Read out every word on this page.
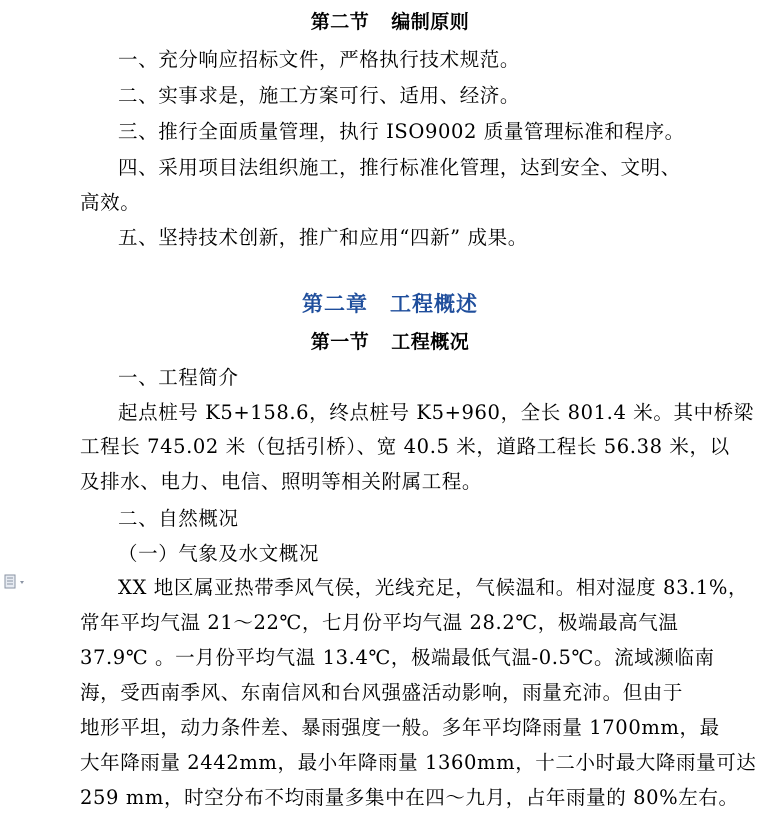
第二节 编制原则
一、充分响应招标文件，严格执行技术规范。
二、实事求是，施工方案可行、适用、经济。
三、推行全面质量管理，执行 ISO9002 质量管理标准和程序。
四、采用项目法组织施工，推行标准化管理，达到安全、文明、
高效。
五、坚持技术创新，推广和应用“四新” 成果。
第二章 工程概述
第一节 工程概况
一、工程简介
起点桩号 K5+158.6，终点桩号 K5+960，全长 801.4 米。其中桥梁
工程长 745.02 米（包括引桥）、宽 40.5 米，道路工程长 56.38 米，以
及排水、电力、电信、照明等相关附属工程。
二、自然概况
（一）气象及水文概况
XX 地区属亚热带季风气侯，光线充足，气候温和。相对湿度 83.1%，
常年平均气温 21～22℃，七月份平均气温 28.2℃，极端最高气温
37.9℃ 。一月份平均气温 13.4℃，极端最低气温-0.5℃。流域濒临南
海，受西南季风、东南信风和台风强盛活动影响，雨量充沛。但由于
地形平坦，动力条件差、暴雨强度一般。多年平均降雨量 1700mm，最
大年降雨量 2442mm，最小年降雨量 1360mm，十二小时最大降雨量可达
259 mm，时空分布不均雨量多集中在四～九月，占年雨量的 80%左右。
